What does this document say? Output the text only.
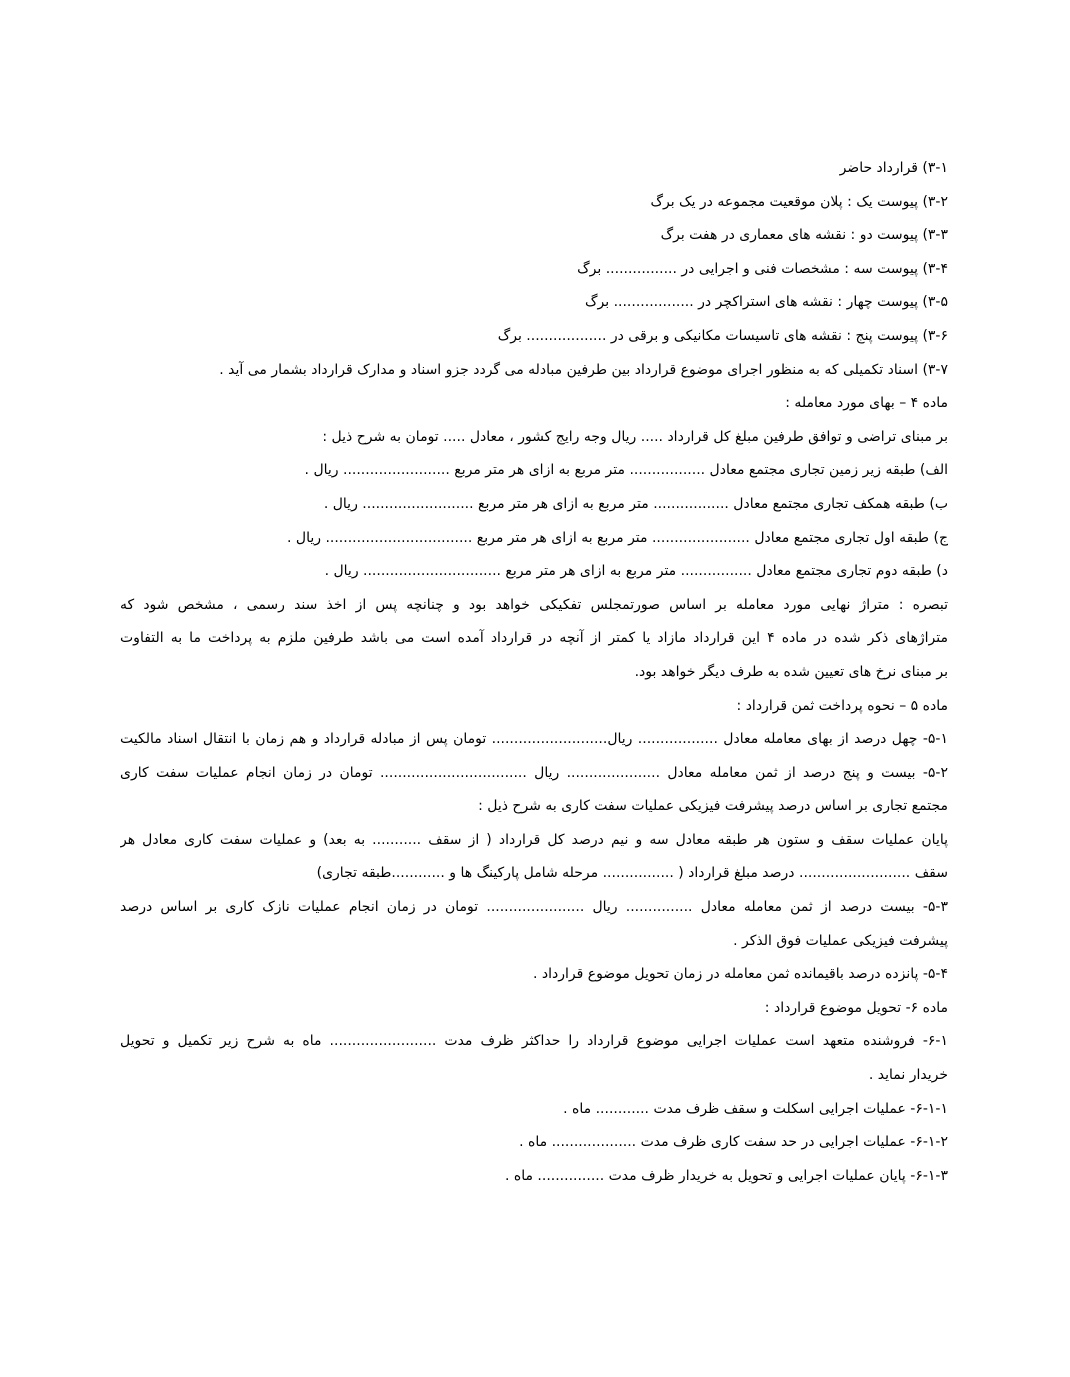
۳-۱) قرارداد حاضر
۳-۲) پیوست یک : پلان موقعیت مجموعه در یک برگ
۳-۳) پیوست دو : نقشه های معماری در هفت برگ
۳-۴) پیوست سه : مشخصات فنی و اجرایی در ................ برگ
۳-۵) پیوست چهار : نقشه های استراکچر در .................. برگ
۳-۶) پیوست پنج : نقشه های تاسیسات مکانیکی و برقی در .................. برگ
۳-۷) اسناد تکمیلی که به منظور اجرای موضوع قرارداد بین طرفین مبادله می گردد جزو اسناد و مدارک قرارداد بشمار می آید .
ماده ۴ – بهای مورد معامله :
بر مبنای تراضی و توافق طرفین مبلغ کل قرارداد ..... ریال وجه رایج کشور ، معادل ..... تومان به شرح ذیل :
الف) طبقه زیر زمین تجاری مجتمع معادل ................. متر مربع به ازای هر متر مربع ........................ ریال .
ب) طبقه همکف تجاری مجتمع معادل ................. متر مربع به ازای هر متر مربع ......................... ریال .
ج) طبقه اول تجاری مجتمع معادل ...................... متر مربع به ازای هر متر مربع ................................. ریال .
د) طبقه دوم تجاری مجتمع معادل ................ متر مربع به ازای هر متر مربع ............................... ریال .
تبصره : متراژ نهایی مورد معامله بر اساس صورتمجلس تفکیکی خواهد بود و چنانچه پس از اخذ سند رسمی ، مشخص شود که
متراژهای ذکر شده در ماده ۴ این قرارداد مازاد یا کمتر از آنچه در قرارداد آمده است می باشد طرفین ملزم به پرداخت ما به التفاوت
بر مبنای نرخ های تعیین شده به طرف دیگر خواهد بود.
ماده ۵ – نحوه پرداخت ثمن قرارداد :
۵-۱- چهل درصد از بهای معامله معادل .................. ریال.......................... تومان پس از مبادله قرارداد و هم زمان با انتقال اسناد مالکیت
۵-۲- بیست و پنج درصد از ثمن معامله معادل ..................... ریال ................................. تومان در زمان انجام عملیات سفت کاری
مجتمع تجاری بر اساس درصد پیشرفت فیزیکی عملیات سفت کاری به شرح ذیل :
پایان عملیات سقف و ستون هر طبقه معادل سه و نیم درصد کل قرارداد ( از سقف ........... به بعد) و عملیات سفت کاری معادل هر
سقف ......................... درصد مبلغ قرارداد ( ................ مرحله شامل پارکینگ ها و ............طبقه تجاری)
۵-۳- بیست درصد از ثمن معامله معادل ............... ریال ...................... تومان در زمان انجام عملیات نازک کاری بر اساس درصد
پیشرفت فیزیکی عملیات فوق الذکر .
۵-۴- پانزده درصد باقیمانده ثمن معامله در زمان تحویل موضوع قرارداد .
ماده ۶- تحویل موضوع قرارداد :
۶-۱- فروشنده متعهد است عملیات اجرایی موضوع قرارداد را حداکثر ظرف مدت ........................ ماه به شرح زیر تکمیل و تحویل
خریدار نماید .
۶-۱-۱- عملیات اجرایی اسکلت و سقف ظرف مدت ............ ماه .
۶-۱-۲- عملیات اجرایی در حد سفت کاری ظرف مدت ................... ماه .
۶-۱-۳- پایان عملیات اجرایی و تحویل به خریدار ظرف مدت ............... ماه .
